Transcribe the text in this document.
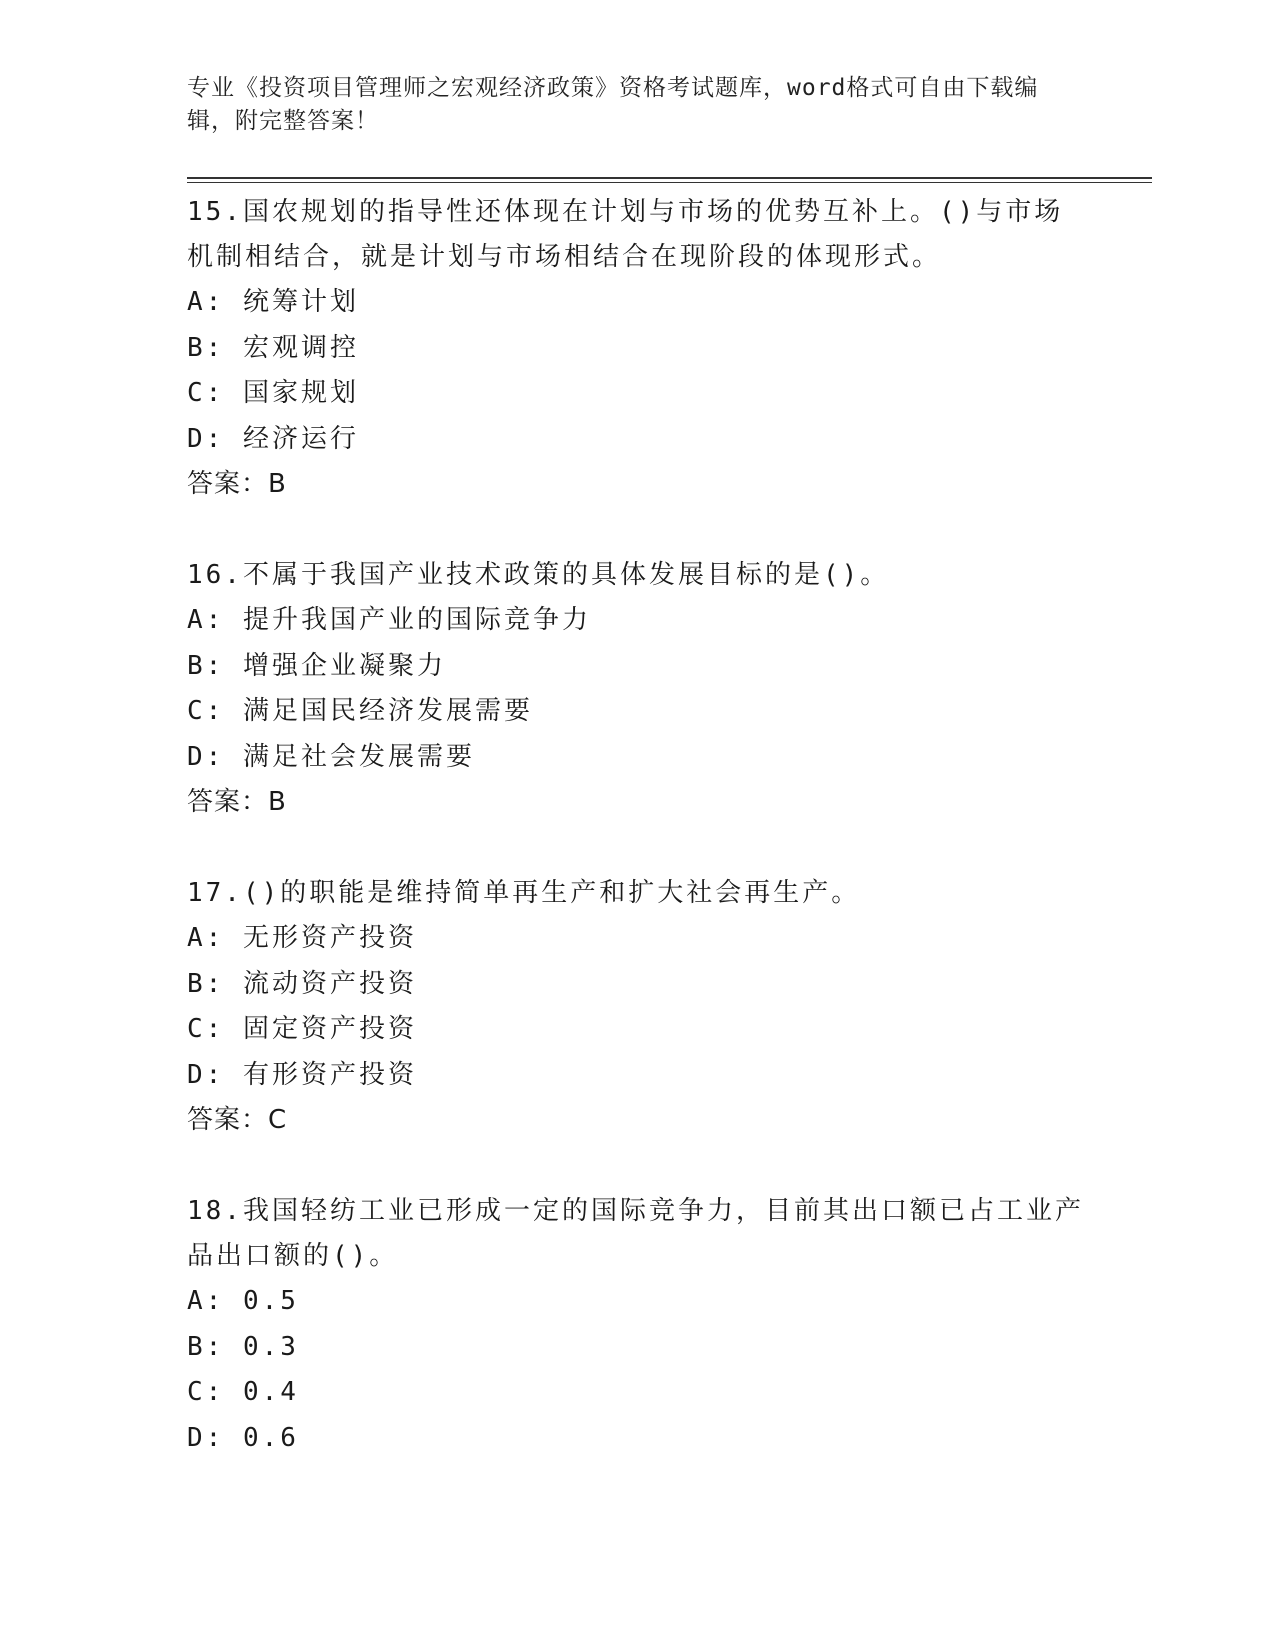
专业《投资项目管理师之宏观经济政策》资格考试题库，word格式可自由下载编辑，附完整答案！

15.国农规划的指导性还体现在计划与市场的优势互补上。()与市场机制相结合，就是计划与市场相结合在现阶段的体现形式。

A: 统筹计划

B: 宏观调控

C: 国家规划

D: 经济运行

答案：B

16.不属于我国产业技术政策的具体发展目标的是()。

A: 提升我国产业的国际竞争力

B: 增强企业凝聚力

C: 满足国民经济发展需要

D: 满足社会发展需要

答案：B

17.()的职能是维持简单再生产和扩大社会再生产。

A: 无形资产投资

B: 流动资产投资

C: 固定资产投资

D: 有形资产投资

答案：C

18.我国轻纺工业已形成一定的国际竞争力，目前其出口额已占工业产品出口额的()。

A: 0.5

B: 0.3

C: 0.4

D: 0.6
